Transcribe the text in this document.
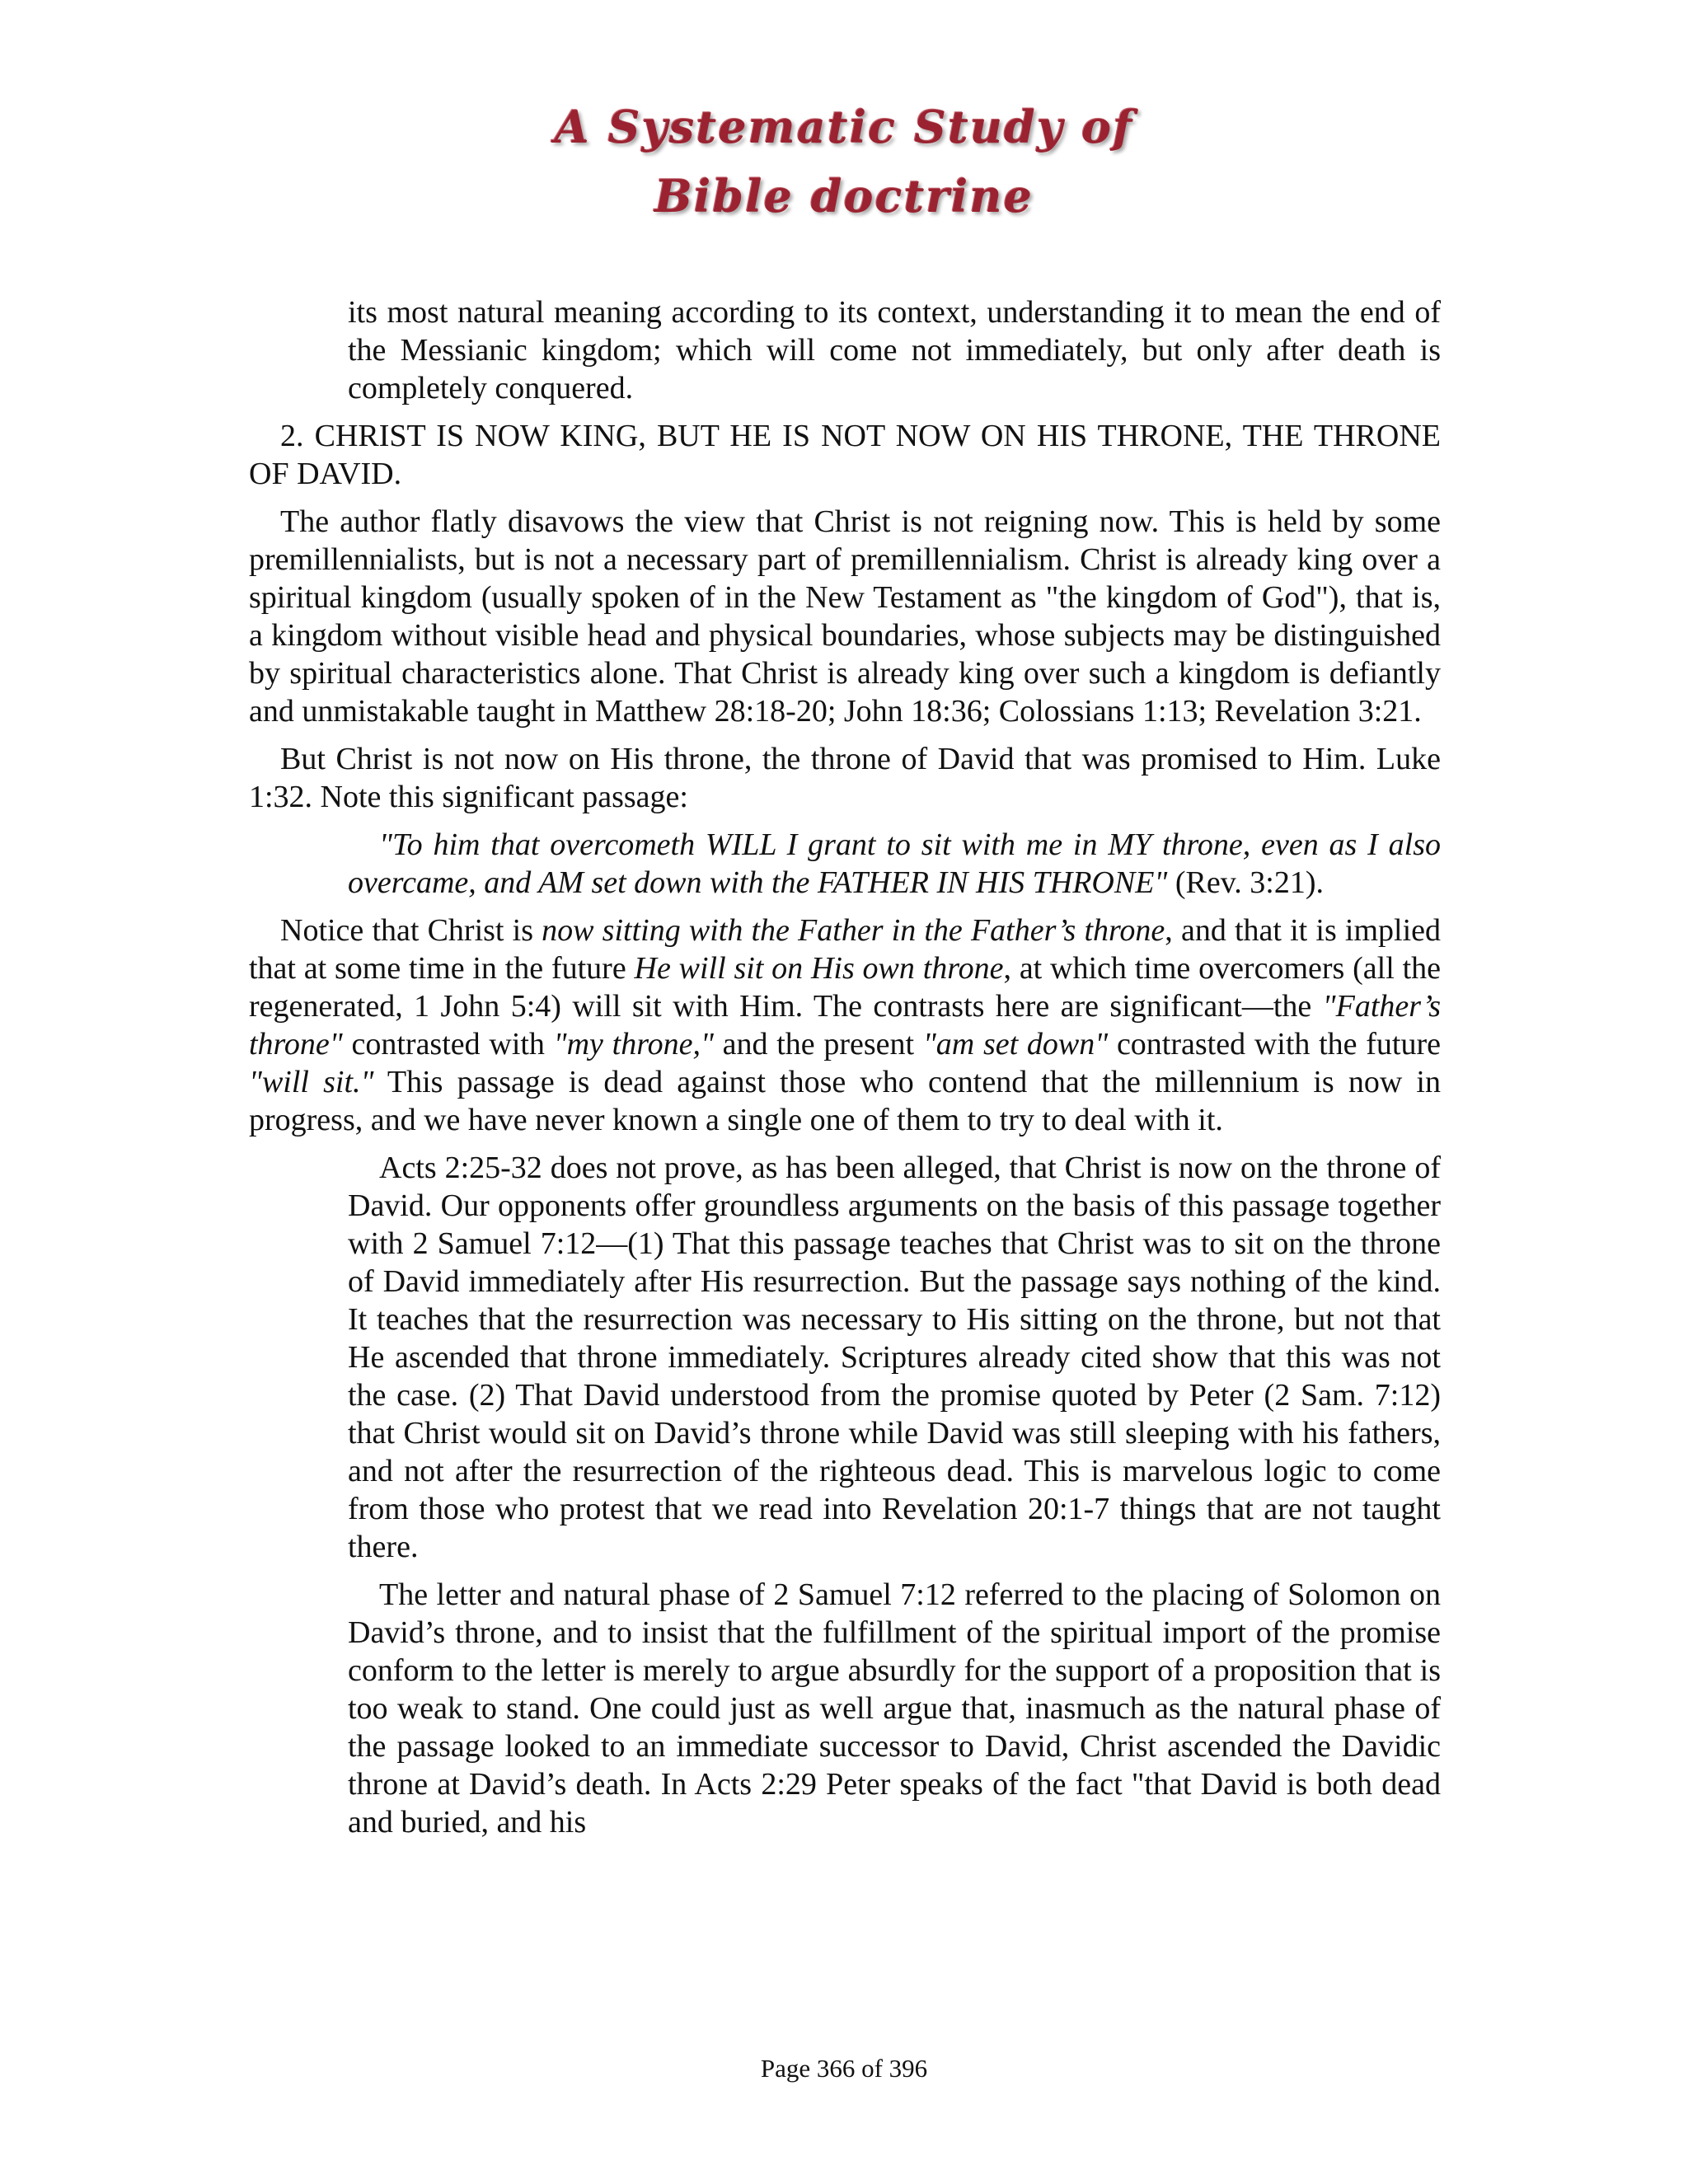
A Systematic Study of
Bible doctrine

its most natural meaning according to its context, understanding it to mean the end of the Messianic kingdom; which will come not immediately, but only after death is completely conquered.

2. CHRIST IS NOW KING, BUT HE IS NOT NOW ON HIS THRONE, THE THRONE OF DAVID.

The author flatly disavows the view that Christ is not reigning now. This is held by some premillennialists, but is not a necessary part of premillennialism. Christ is already king over a spiritual kingdom (usually spoken of in the New Testament as "the kingdom of God"), that is, a kingdom without visible head and physical boundaries, whose subjects may be distinguished by spiritual characteristics alone. That Christ is already king over such a kingdom is defiantly and unmistakable taught in Matthew 28:18-20; John 18:36; Colossians 1:13; Revelation 3:21.

But Christ is not now on His throne, the throne of David that was promised to Him. Luke 1:32. Note this significant passage:

"To him that overcometh WILL I grant to sit with me in MY throne, even as I also overcame, and AM set down with the FATHER IN HIS THRONE" (Rev. 3:21).

Notice that Christ is now sitting with the Father in the Father’s throne, and that it is implied that at some time in the future He will sit on His own throne, at which time overcomers (all the regenerated, 1 John 5:4) will sit with Him. The contrasts here are significant—the "Father’s throne" contrasted with "my throne," and the present "am set down" contrasted with the future "will sit." This passage is dead against those who contend that the millennium is now in progress, and we have never known a single one of them to try to deal with it.

Acts 2:25-32 does not prove, as has been alleged, that Christ is now on the throne of David. Our opponents offer groundless arguments on the basis of this passage together with 2 Samuel 7:12—(1) That this passage teaches that Christ was to sit on the throne of David immediately after His resurrection. But the passage says nothing of the kind. It teaches that the resurrection was necessary to His sitting on the throne, but not that He ascended that throne immediately. Scriptures already cited show that this was not the case. (2) That David understood from the promise quoted by Peter (2 Sam. 7:12) that Christ would sit on David’s throne while David was still sleeping with his fathers, and not after the resurrection of the righteous dead. This is marvelous logic to come from those who protest that we read into Revelation 20:1-7 things that are not taught there.

The letter and natural phase of 2 Samuel 7:12 referred to the placing of Solomon on David’s throne, and to insist that the fulfillment of the spiritual import of the promise conform to the letter is merely to argue absurdly for the support of a proposition that is too weak to stand. One could just as well argue that, inasmuch as the natural phase of the passage looked to an immediate successor to David, Christ ascended the Davidic throne at David’s death. In Acts 2:29 Peter speaks of the fact "that David is both dead and buried, and his

Page 366 of 396
